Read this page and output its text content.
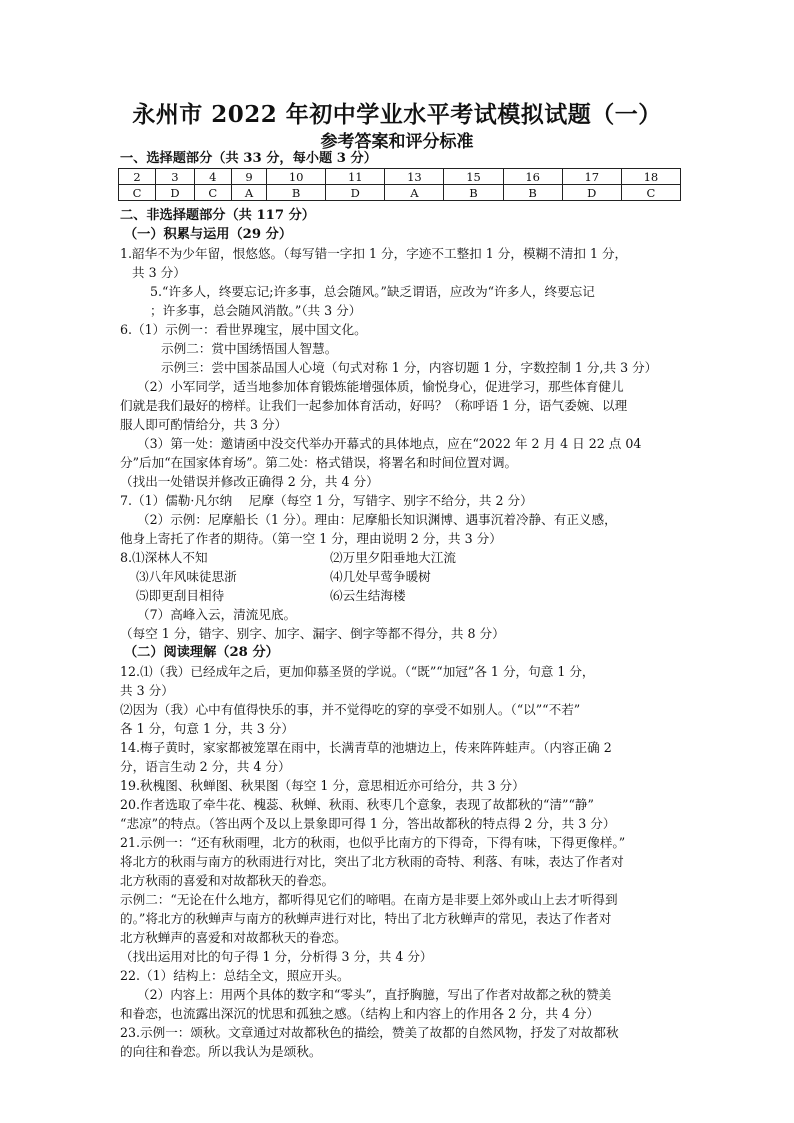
永州市 2022 年初中学业水平考试模拟试题（一）
参考答案和评分标准
一、选择题部分（共 33 分，每小题 3 分）
2	3	4	9	10	11	13	15	16	17	18
C	D	C	A	B	D	A	B	B	D	C
二、非选择题部分（共 117 分）
（一）积累与运用（29 分）
1.韶华不为少年留，恨悠悠。（每写错一字扣 1 分，字迹不工整扣 1 分，模糊不清扣 1 分，
共 3 分）
5.“许多人，终要忘记;许多事，总会随风。”缺乏谓语，应改为“许多人，终要忘记
；许多事，总会随风消散。”（共 3 分）
6.（1）示例一：看世界瑰宝，展中国文化。
示例二：赏中国绣悟国人智慧。
示例三：尝中国茶品国人心境（句式对称 1 分，内容切题 1 分，字数控制 1 分,共 3 分）
（2）小军同学，适当地参加体育锻炼能增强体质，愉悦身心，促进学习，那些体育健儿
们就是我们最好的榜样。让我们一起参加体育活动，好吗？（称呼语 1 分，语气委婉、以理
服人即可酌情给分，共 3 分）
（3）第一处：邀请函中没交代举办开幕式的具体地点，应在“2022 年 2 月 4 日 22 点 04
分”后加“在国家体育场”。第二处：格式错误，将署名和时间位置对调。
（找出一处错误并修改正确得 2 分，共 4 分）
7.（1）儒勒·凡尔纳　 尼摩（每空 1 分，写错字、别字不给分，共 2 分）
（2）示例：尼摩船长（1 分）。理由：尼摩船长知识渊博、遇事沉着冷静、有正义感，
他身上寄托了作者的期待。（第一空 1 分，理由说明 2 分，共 3 分）
8.⑴深林人不知	⑵万里夕阳垂地大江流
⑶八年风味徒思浙	⑷几处早莺争暖树
⑸即更刮目相待	⑹云生结海楼
（7）高峰入云，清流见底。
（每空 1 分，错字、别字、加字、漏字、倒字等都不得分，共 8 分）
（二）阅读理解（28 分）
12.⑴（我）已经成年之后，更加仰慕圣贤的学说。（“既”“加冠”各 1 分，句意 1 分，
共 3 分）
⑵因为（我）心中有值得快乐的事，并不觉得吃的穿的享受不如别人。（“以”“不若”
各 1 分，句意 1 分，共 3 分）
14.梅子黄时，家家都被笼罩在雨中，长满青草的池塘边上，传来阵阵蛙声。（内容正确 2
分，语言生动 2 分，共 4 分）
19.秋槐图、秋蝉图、秋果图（每空 1 分，意思相近亦可给分，共 3 分）
20.作者选取了牵牛花、槐蕊、秋蝉、秋雨、秋枣几个意象，表现了故都秋的“清”“静”
“悲凉”的特点。（答出两个及以上景象即可得 1 分，答出故都秋的特点得 2 分，共 3 分）
21.示例一：“还有秋雨哩，北方的秋雨，也似乎比南方的下得奇，下得有味，下得更像样。”
将北方的秋雨与南方的秋雨进行对比，突出了北方秋雨的奇特、利落、有味，表达了作者对
北方秋雨的喜爱和对故都秋天的眷恋。
示例二：“无论在什么地方，都听得见它们的啼唱。在南方是非要上郊外或山上去才听得到
的。”将北方的秋蝉声与南方的秋蝉声进行对比，特出了北方秋蝉声的常见，表达了作者对
北方秋蝉声的喜爱和对故都秋天的眷恋。
（找出运用对比的句子得 1 分，分析得 3 分，共 4 分）
22.（1）结构上：总结全文，照应开头。
（2）内容上：用两个具体的数字和“零头”，直抒胸臆，写出了作者对故都之秋的赞美
和眷恋，也流露出深沉的忧思和孤独之感。（结构上和内容上的作用各 2 分，共 4 分）
23.示例一：颂秋。文章通过对故都秋色的描绘，赞美了故都的自然风物，抒发了对故都秋
的向往和眷恋。所以我认为是颂秋。
